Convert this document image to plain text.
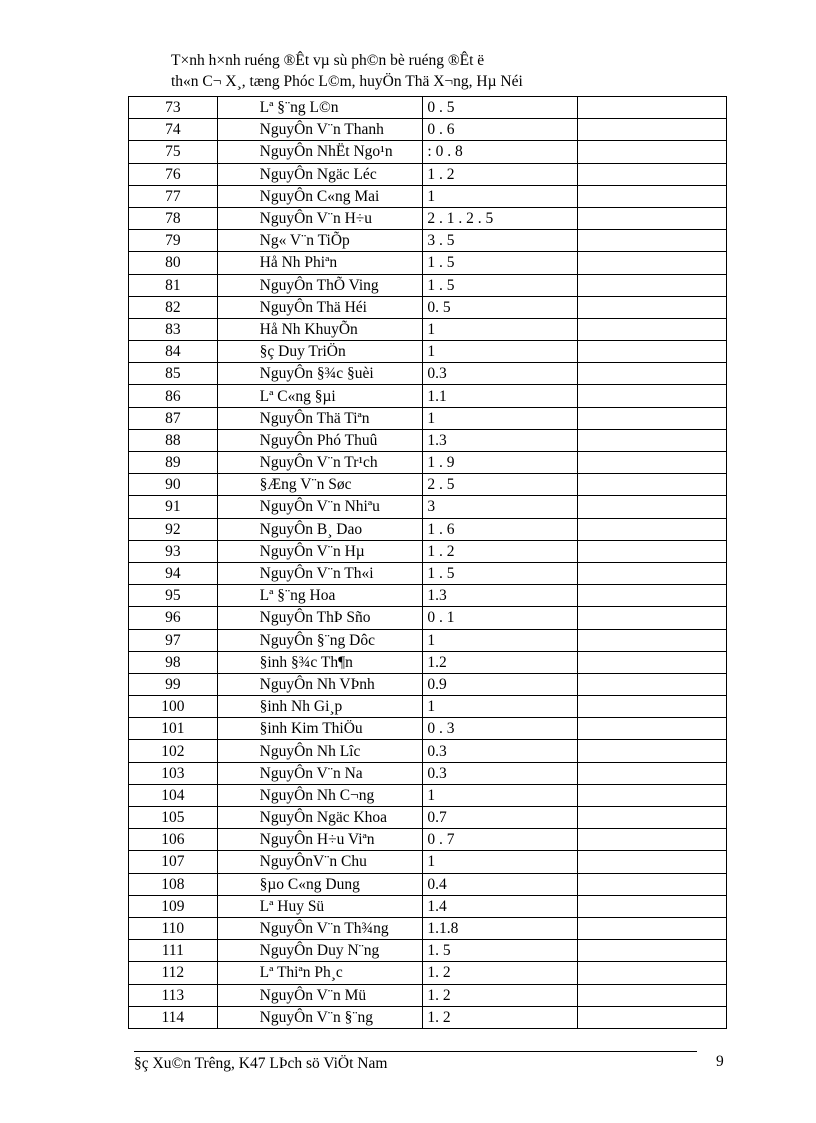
T×nh h×nh ruéng ®Êt vµ sù ph©n bè ruéng ®Êt ë
th«n C¬ X¸, tæng Phóc L©m, huyÖn Thä X¬ng, Hµ Néi
73	Lª §¨ng L©n	0 . 5	
74	NguyÔn V¨n Thanh	0 . 6	
75	NguyÔn NhËt Ngo¹n	: 0 . 8	
76	NguyÔn Ngäc Léc	1 . 2	
77	NguyÔn C«ng Mai	1	
78	NguyÔn V¨n H÷u	2 . 1 . 2 . 5	
79	Ng« V¨n TiÕp	3 . 5	
80	Hå Nh Phiªn	1 . 5	
81	NguyÔn ThÕ Ving	1 . 5	
82	NguyÔn Thä Héi	0. 5	
83	Hå Nh KhuyÕn	1	
84	§ç Duy TriÖn	1	
85	NguyÔn §¾c §uèi	0.3	
86	Lª C«ng §µi	1.1	
87	NguyÔn Thä Tiªn	1	
88	NguyÔn Phó Thuû	1.3	
89	NguyÔn V¨n Tr¹ch	1 . 9	
90	§Æng V¨n Søc	2 . 5	
91	NguyÔn V¨n Nhiªu	3	
92	NguyÔn B¸ Dao	1 . 6	
93	NguyÔn V¨n Hµ	1 . 2	
94	NguyÔn V¨n Th«i	1 . 5	
95	Lª §¨ng Hoa	1.3	
96	NguyÔn ThÞ Sño	0 . 1	
97	NguyÔn §¨ng Dôc	1	
98	§inh §¾c Th¶n	1.2	
99	NguyÔn Nh VÞnh	0.9	
100	§inh Nh Gi¸p	1	
101	§inh Kim ThiÖu	0 . 3	
102	NguyÔn Nh Lîc	0.3	
103	NguyÔn V¨n Na	0.3	
104	NguyÔn Nh C¬ng	1	
105	NguyÔn Ngäc Khoa	0.7	
106	NguyÔn H÷u Viªn	0 . 7	
107	NguyÔnV¨n Chu	1	
108	§µo C«ng Dung	0.4	
109	Lª Huy Sü	1.4	
110	NguyÔn V¨n Th¾ng	1.1.8	
111	NguyÔn Duy N¨ng	1. 5	
112	Lª Thiªn Ph¸c	1. 2	
113	NguyÔn V¨n Mü	1. 2	
114	NguyÔn V¨n §¨ng	1. 2	
§ç Xu©n Trêng, K47 LÞch sö ViÖt Nam	9
